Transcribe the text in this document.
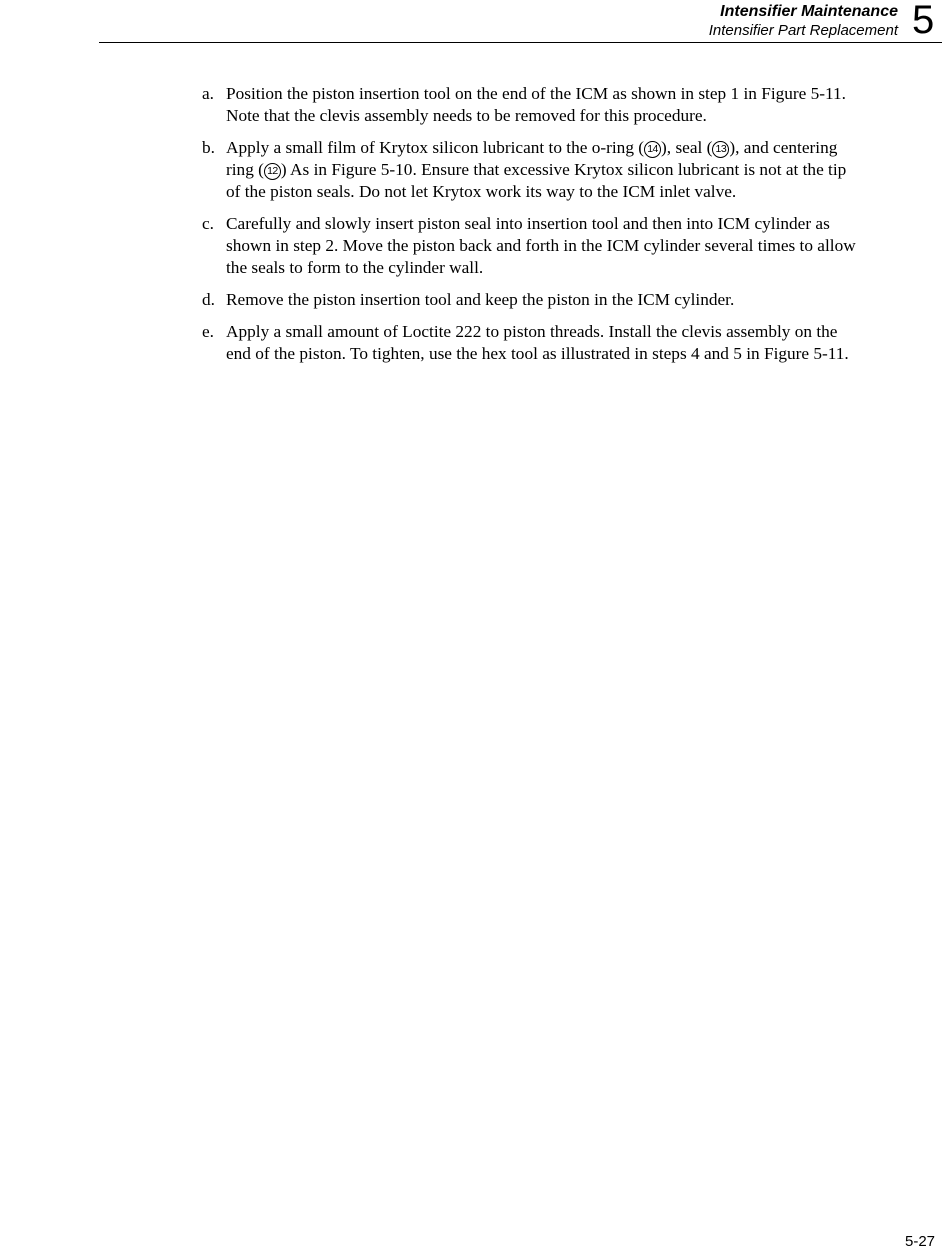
Intensifier Maintenance
Intensifier Part Replacement 5
a. Position the piston insertion tool on the end of the ICM as shown in step 1 in Figure 5-11. Note that the clevis assembly needs to be removed for this procedure.
b. Apply a small film of Krytox silicon lubricant to the o-ring ( 14 ), seal ( 13 ), and centering ring ( 12 ) As in Figure 5-10. Ensure that excessive Krytox silicon lubricant is not at the tip of the piston seals. Do not let Krytox work its way to the ICM inlet valve.
c. Carefully and slowly insert piston seal into insertion tool and then into ICM cylinder as shown in step 2. Move the piston back and forth in the ICM cylinder several times to allow the seals to form to the cylinder wall.
d. Remove the piston insertion tool and keep the piston in the ICM cylinder.
e. Apply a small amount of Loctite 222 to piston threads. Install the clevis assembly on the end of the piston. To tighten, use the hex tool as illustrated in steps 4 and 5 in Figure 5-11.
5-27
